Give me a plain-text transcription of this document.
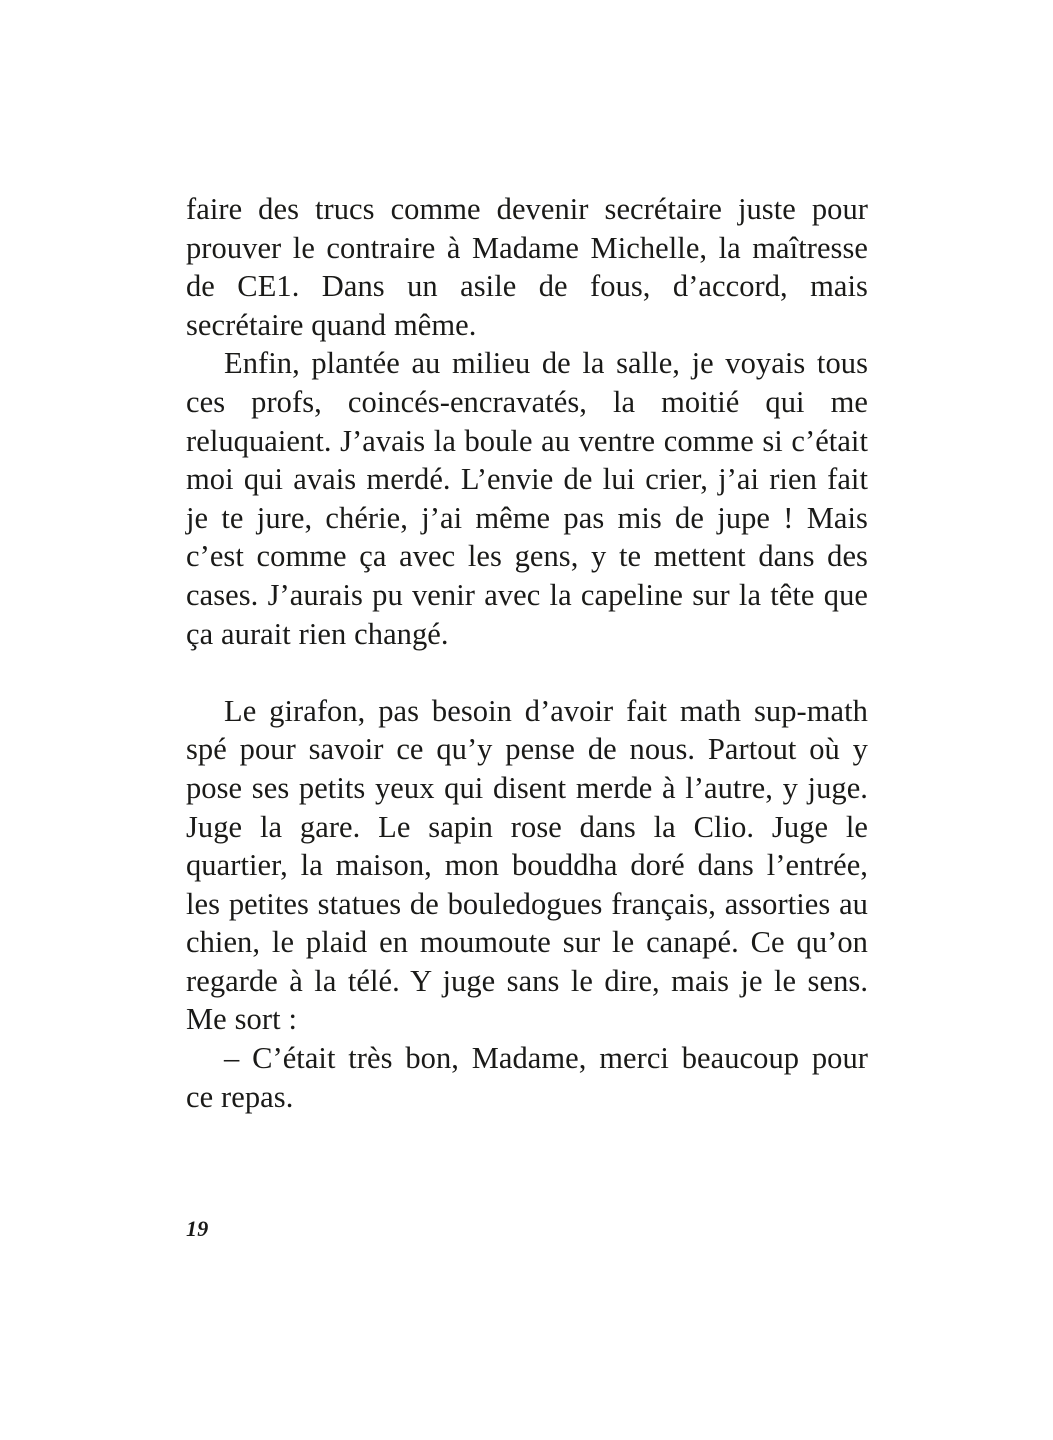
faire des trucs comme devenir secrétaire juste pour prouver le contraire à Madame Michelle, la maîtresse de CE1. Dans un asile de fous, d’accord, mais secrétaire quand même.

Enfin, plantée au milieu de la salle, je voyais tous ces profs, coincés-encravatés, la moitié qui me reluquaient. J’avais la boule au ventre comme si c’était moi qui avais merdé. L’envie de lui crier, j’ai rien fait je te jure, chérie, j’ai même pas mis de jupe ! Mais c’est comme ça avec les gens, y te mettent dans des cases. J’aurais pu venir avec la capeline sur la tête que ça aurait rien changé.

Le girafon, pas besoin d’avoir fait math sup-math spé pour savoir ce qu’y pense de nous. Partout où y pose ses petits yeux qui disent merde à l’autre, y juge. Juge la gare. Le sapin rose dans la Clio. Juge le quartier, la maison, mon bouddha doré dans l’entrée, les petites statues de bouledogues français, assorties au chien, le plaid en moumoute sur le canapé. Ce qu’on regarde à la télé. Y juge sans le dire, mais je le sens. Me sort :

– C’était très bon, Madame, merci beaucoup pour ce repas.

19
